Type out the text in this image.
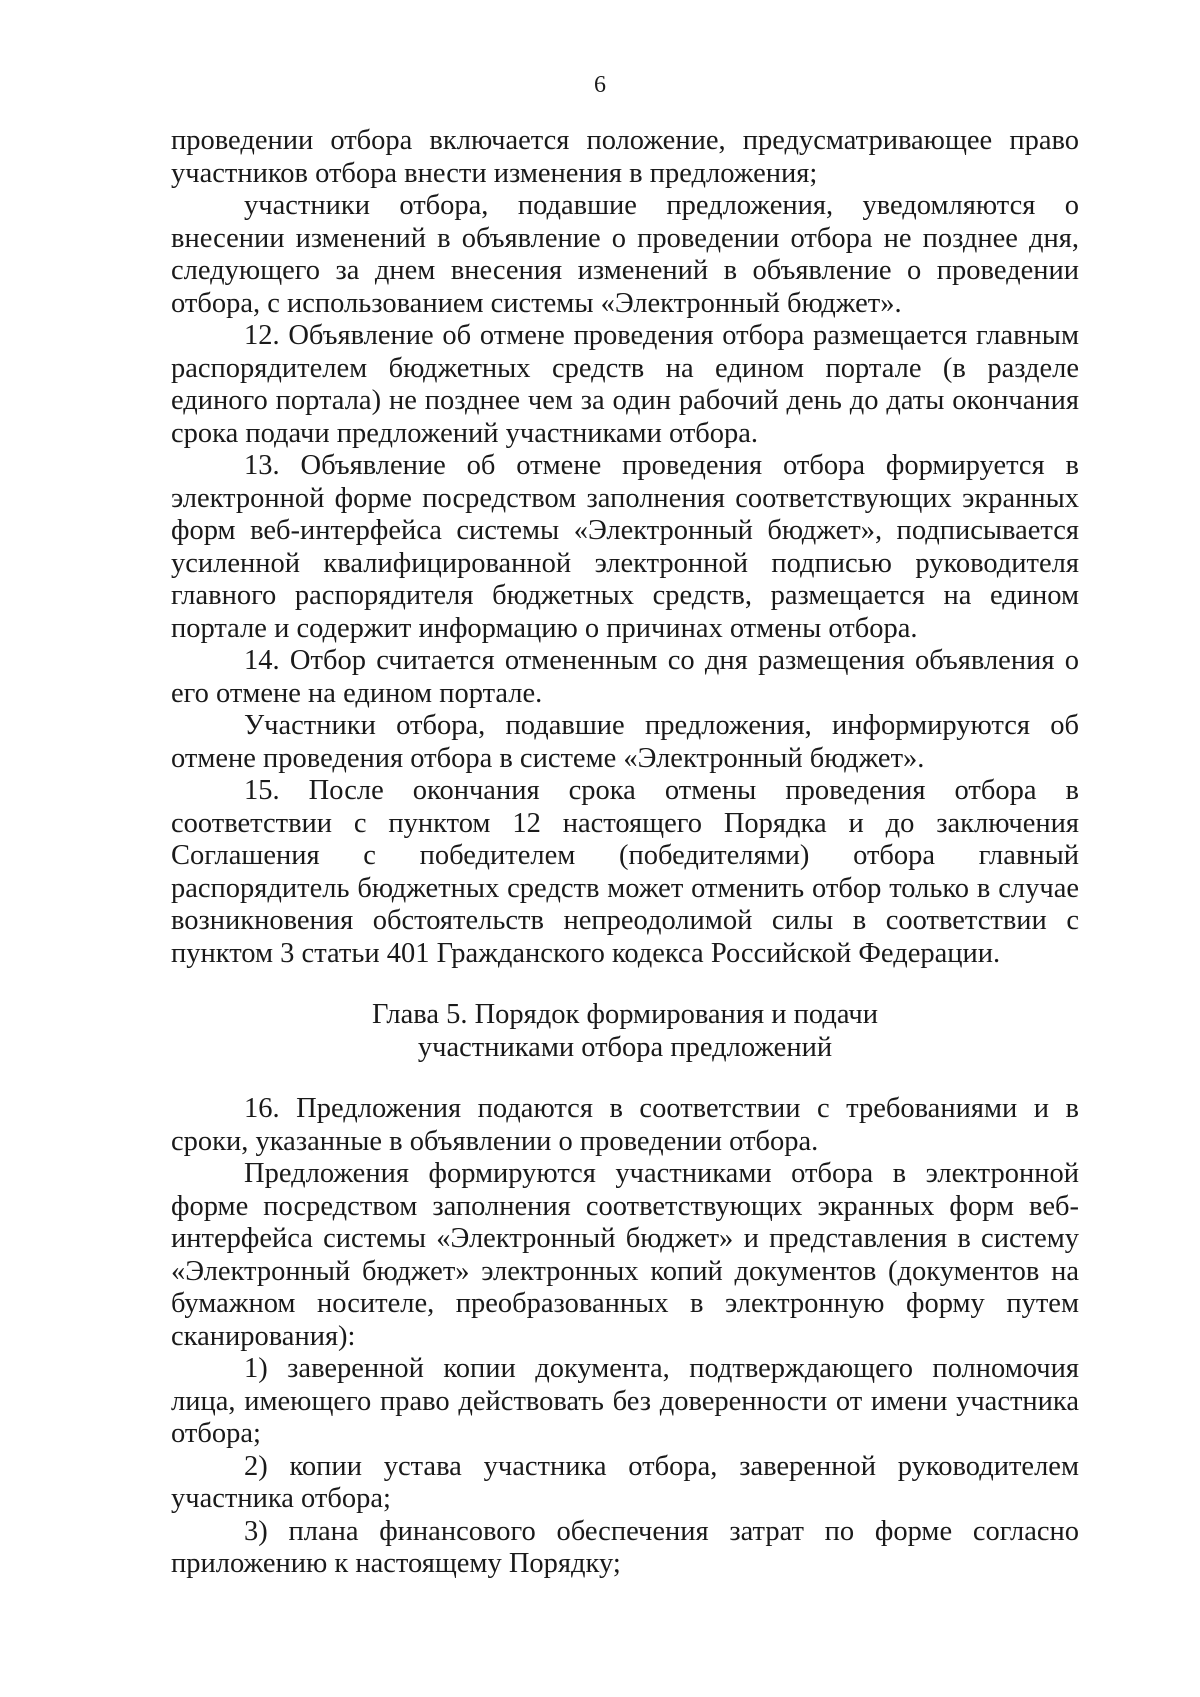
6

проведении отбора включается положение, предусматривающее право участников отбора внести изменения в предложения;

участники отбора, подавшие предложения, уведомляются о внесении изменений в объявление о проведении отбора не позднее дня, следующего за днем внесения изменений в объявление о проведении отбора, с использованием системы «Электронный бюджет».

12. Объявление об отмене проведения отбора размещается главным распорядителем бюджетных средств на едином портале (в разделе единого портала) не позднее чем за один рабочий день до даты окончания срока подачи предложений участниками отбора.

13. Объявление об отмене проведения отбора формируется в электронной форме посредством заполнения соответствующих экранных форм веб-интерфейса системы «Электронный бюджет», подписывается усиленной квалифицированной электронной подписью руководителя главного распорядителя бюджетных средств, размещается на едином портале и содержит информацию о причинах отмены отбора.

14. Отбор считается отмененным со дня размещения объявления о его отмене на едином портале.

Участники отбора, подавшие предложения, информируются об отмене проведения отбора в системе «Электронный бюджет».

15. После окончания срока отмены проведения отбора в соответствии с пунктом 12 настоящего Порядка и до заключения Соглашения с победителем (победителями) отбора главный распорядитель бюджетных средств может отменить отбор только в случае возникновения обстоятельств непреодолимой силы в соответствии с пунктом 3 статьи 401 Гражданского кодекса Российской Федерации.

Глава 5. Порядок формирования и подачи
участниками отбора предложений

16. Предложения подаются в соответствии с требованиями и в сроки, указанные в объявлении о проведении отбора.

Предложения формируются участниками отбора в электронной форме посредством заполнения соответствующих экранных форм веб-интерфейса системы «Электронный бюджет» и представления в систему «Электронный бюджет» электронных копий документов (документов на бумажном носителе, преобразованных в электронную форму путем сканирования):

1) заверенной копии документа, подтверждающего полномочия лица, имеющего право действовать без доверенности от имени участника отбора;

2) копии устава участника отбора, заверенной руководителем участника отбора;

3) плана финансового обеспечения затрат по форме согласно приложению к настоящему Порядку;
